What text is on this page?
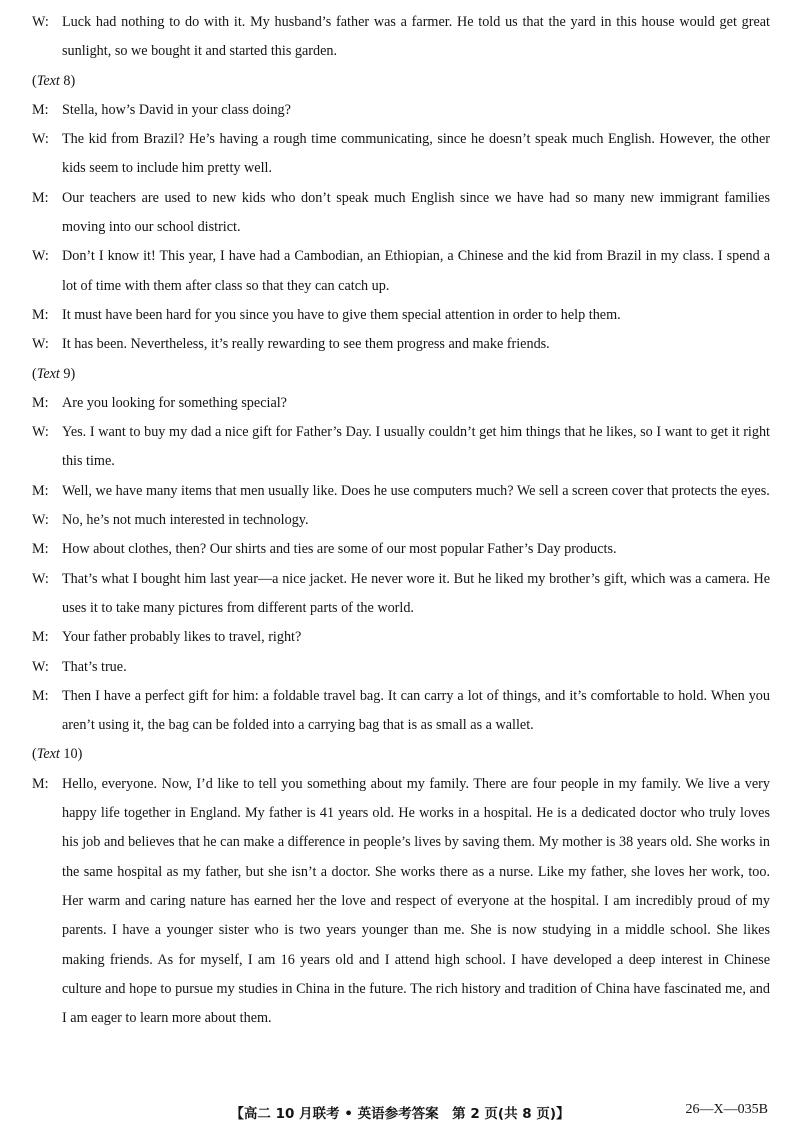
W: Luck had nothing to do with it. My husband’s father was a farmer. He told us that the yard in this house would get great sunlight, so we bought it and started this garden.
(Text 8)
M: Stella, how’s David in your class doing?
W: The kid from Brazil? He’s having a rough time communicating, since he doesn’t speak much English. However, the other kids seem to include him pretty well.
M: Our teachers are used to new kids who don’t speak much English since we have had so many new immigrant families moving into our school district.
W: Don’t I know it! This year, I have had a Cambodian, an Ethiopian, a Chinese and the kid from Brazil in my class. I spend a lot of time with them after class so that they can catch up.
M: It must have been hard for you since you have to give them special attention in order to help them.
W: It has been. Nevertheless, it’s really rewarding to see them progress and make friends.
(Text 9)
M: Are you looking for something special?
W: Yes. I want to buy my dad a nice gift for Father’s Day. I usually couldn’t get him things that he likes, so I want to get it right this time.
M: Well, we have many items that men usually like. Does he use computers much? We sell a screen cover that protects the eyes.
W: No, he’s not much interested in technology.
M: How about clothes, then? Our shirts and ties are some of our most popular Father’s Day products.
W: That’s what I bought him last year—a nice jacket. He never wore it. But he liked my brother’s gift, which was a camera. He uses it to take many pictures from different parts of the world.
M: Your father probably likes to travel, right?
W: That’s true.
M: Then I have a perfect gift for him: a foldable travel bag. It can carry a lot of things, and it’s comfortable to hold. When you aren’t using it, the bag can be folded into a carrying bag that is as small as a wallet.
(Text 10)
M: Hello, everyone. Now, I’d like to tell you something about my family. There are four people in my family. We live a very happy life together in England. My father is 41 years old. He works in a hospital. He is a dedicated doctor who truly loves his job and believes that he can make a difference in people’s lives by saving them. My mother is 38 years old. She works in the same hospital as my father, but she isn’t a doctor. She works there as a nurse. Like my father, she loves her work, too. Her warm and caring nature has earned her the love and respect of everyone at the hospital. I am incredibly proud of my parents. I have a younger sister who is two years younger than me. She is now studying in a middle school. She likes making friends. As for myself, I am 16 years old and I attend high school. I have developed a deep interest in Chinese culture and hope to pursue my studies in China in the future. The rich history and tradition of China have fascinated me, and I am eager to learn more about them.
【高二 10 月联考 • 英语参考答案　第 2 页(共 8 页)】	26—X—035B
